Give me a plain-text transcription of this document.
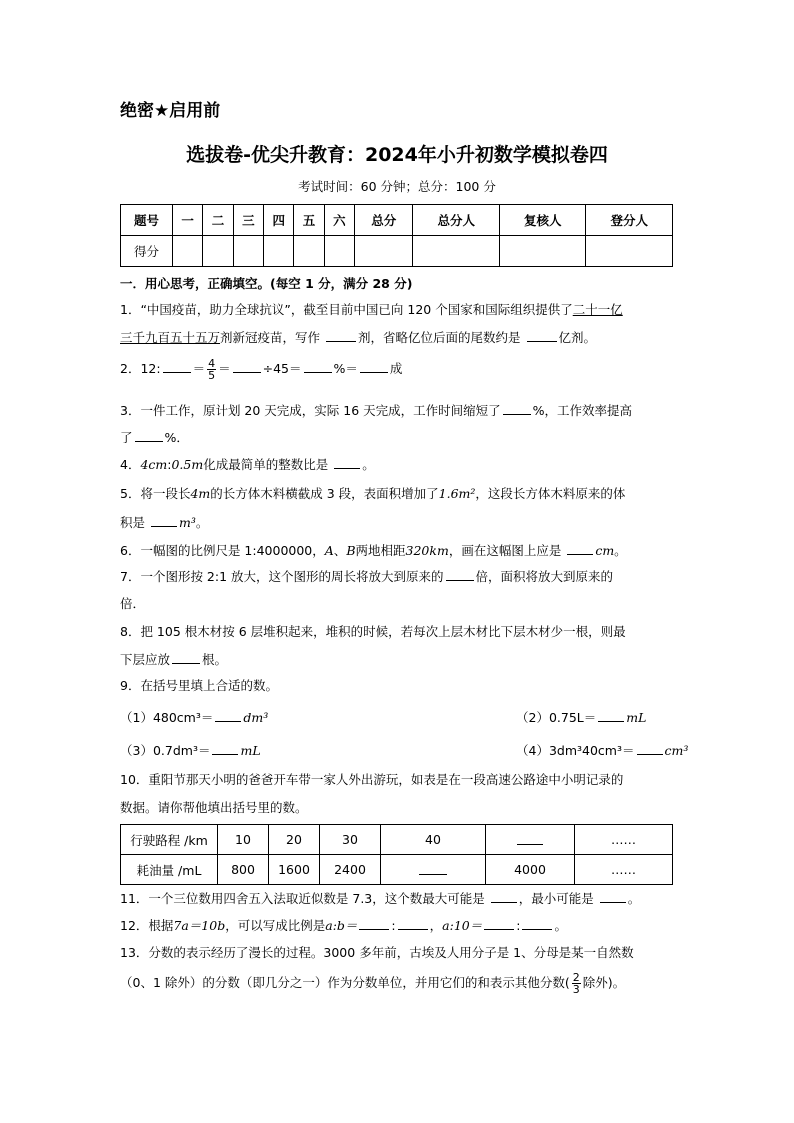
绝密★启用前
选拔卷-优尖升教育：2024年小升初数学模拟卷四
考试时间：60 分钟；总分：100 分
题号	一	二	三	四	五	六	总分	总分人	复核人	登分人
得分										
一．用心思考，正确填空。(每空 1 分，满分 28 分)
1．“中国疫苗，助力全球抗议”，截至目前中国已向 120 个国家和国际组织提供了二十一亿
三千九百五十五万剂新冠疫苗，写作	剂，省略亿位后面的尾数约是	亿剂。
2．12:	＝ $\frac{4}{5}$ ＝	÷45＝	%＝	成
3．一件工作，原计划 20 天完成，实际 16 天完成，工作时间缩短了	%，工作效率提高
了	%．
4．4cm:0.5m化成最简单的整数比是	。
5．将一段长4m的长方体木料横截成 3 段，表面积增加了1.6m²，这段长方体木料原来的体
积是	m³。
6．一幅图的比例尺是 1:4000000，A、B两地相距320km，画在这幅图上应是	cm。
7．一个图形按 2:1 放大，这个图形的周长将放大到原来的	倍，面积将放大到原来的
倍．
8．把 105 根木材按 6 层堆积起来，堆积的时候，若每次上层木材比下层木材少一根，则最
下层应放	根。
9．在括号里填上合适的数。
（1）480cm³＝ dm³	（2）0.75L＝ mL
（3）0.7dm³＝ mL	（4）3dm³40cm³＝ cm³
10．重阳节那天小明的爸爸开车带一家人外出游玩，如表是在一段高速公路途中小明记录的
数据。请你帮他填出括号里的数。
行驶路程 /km	10	20	30	40		……
耗油量 /mL	800	1600	2400		4000	……
11．一个三位数用四舍五入法取近似数是 7.3，这个数最大可能是	，最小可能是	。
12．根据7a＝10b，可以写成比例是a:b＝	:	，a:10＝	:	。
13．分数的表示经历了漫长的过程。3000 多年前，古埃及人用分子是 1、分母是某一自然数
（0、1 除外）的分数（即几分之一）作为分数单位，并用它们的和表示其他分数( $\frac{2}{3}$ 除外)。
